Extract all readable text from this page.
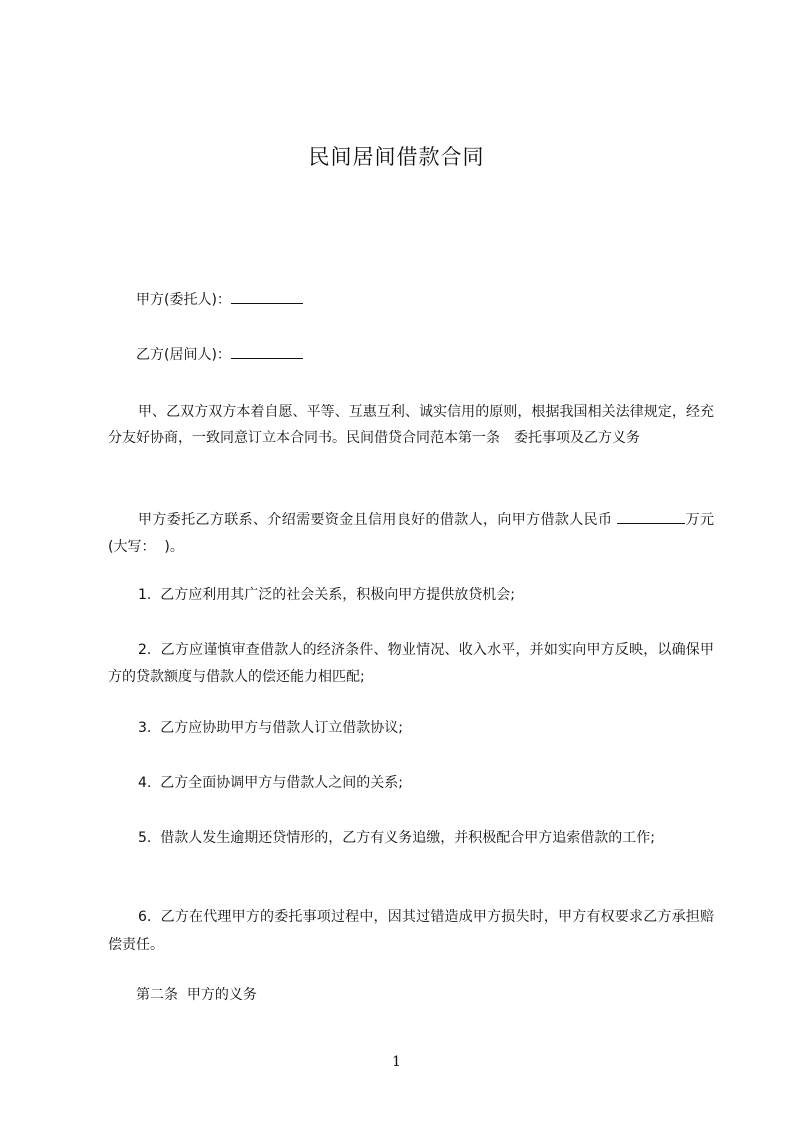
民间居间借款合同

甲方(委托人)：

乙方(居间人)：

甲、乙双方双方本着自愿、平等、互惠互利、诚实信用的原则，根据我国相关法律规定，经充分友好协商，一致同意订立本合同书。民间借贷合同范本第一条　委托事项及乙方义务

甲方委托乙方联系、介绍需要资金且信用良好的借款人，向甲方借款人民币	万元(大写：  )。

1.  乙方应利用其广泛的社会关系，积极向甲方提供放贷机会;

2.  乙方应谨慎审查借款人的经济条件、物业情况、收入水平，并如实向甲方反映，以确保甲方的贷款额度与借款人的偿还能力相匹配;

3.  乙方应协助甲方与借款人订立借款协议;

4.  乙方全面协调甲方与借款人之间的关系;

5.  借款人发生逾期还贷情形的，乙方有义务追缴，并积极配合甲方追索借款的工作;

6.  乙方在代理甲方的委托事项过程中，因其过错造成甲方损失时，甲方有权要求乙方承担赔偿责任。

第二条  甲方的义务

1
